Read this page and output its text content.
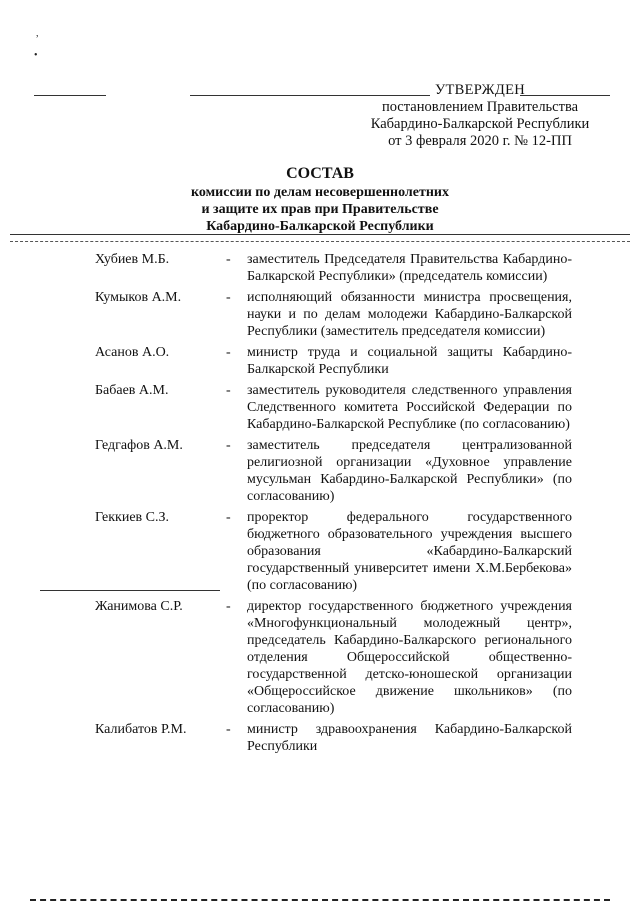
,
•
УТВЕРЖДЕН
постановлением Правительства
Кабардино-Балкарской Республики
от 3 февраля 2020 г. № 12-ПП
СОСТАВ
комиссии по делам несовершеннолетних
и защите их прав при Правительстве
Кабардино-Балкарской Республики
Хубиев М.Б.	- заместитель Председателя Правительства Кабардино-Балкарской Республики» (председатель комиссии)
Кумыков А.М.	- исполняющий обязанности министра просвещения, науки и по делам молодежи Кабардино-Балкарской Республики (заместитель председателя комиссии)
Асанов А.О.	- министр труда и социальной защиты Кабардино-Балкарской Республики
Бабаев А.М.	- заместитель руководителя следственного управления Следственного комитета Российской Федерации по Кабардино-Балкарской Республике (по согласованию)
Гедгафов А.М.	- заместитель председателя централизованной религиозной организации «Духовное управление мусульман Кабардино-Балкарской Республики» (по согласованию)
Геккиев С.З.	- проректор федерального государственного бюджетного образовательного учреждения высшего образования «Кабардино-Балкарский государственный университет имени Х.М.Бербекова» (по согласованию)
Жанимова С.Р.	- директор государственного бюджетного учреждения «Многофункциональный молодежный центр», председатель Кабардино-Балкарского регионального отделения Общероссийской общественно-государственной детско-юношеской организации «Общероссийское движение школьников» (по согласованию)
Калибатов Р.М.	- министр здравоохранения Кабардино-Балкарской Республики
